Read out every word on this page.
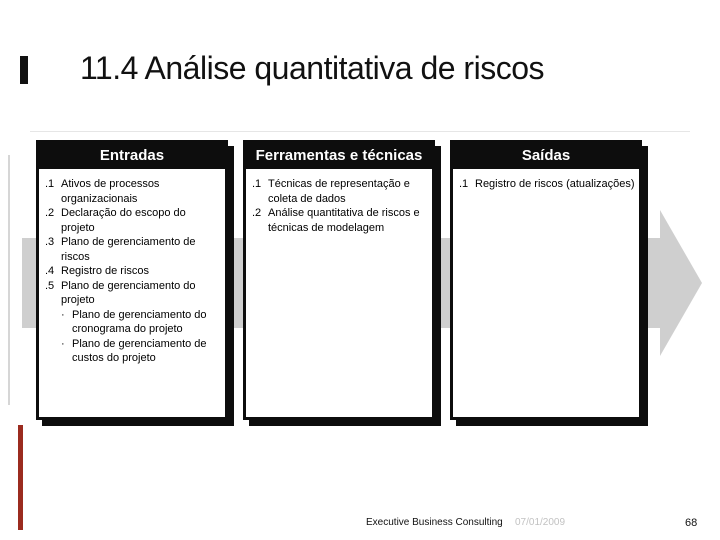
11.4 Análise quantitativa de riscos
Entradas
.1 Ativos de processos organizacionais
.2 Declaração do escopo do projeto
.3 Plano de gerenciamento de riscos
.4 Registro de riscos
.5 Plano de gerenciamento do projeto
· Plano de gerenciamento do cronograma do projeto
· Plano de gerenciamento de custos do projeto
Ferramentas e técnicas
.1 Técnicas de representação e coleta de dados
.2 Análise quantitativa de riscos e técnicas de modelagem
Saídas
.1 Registro de riscos (atualizações)
Executive Business Consulting 07/01/2009	68
